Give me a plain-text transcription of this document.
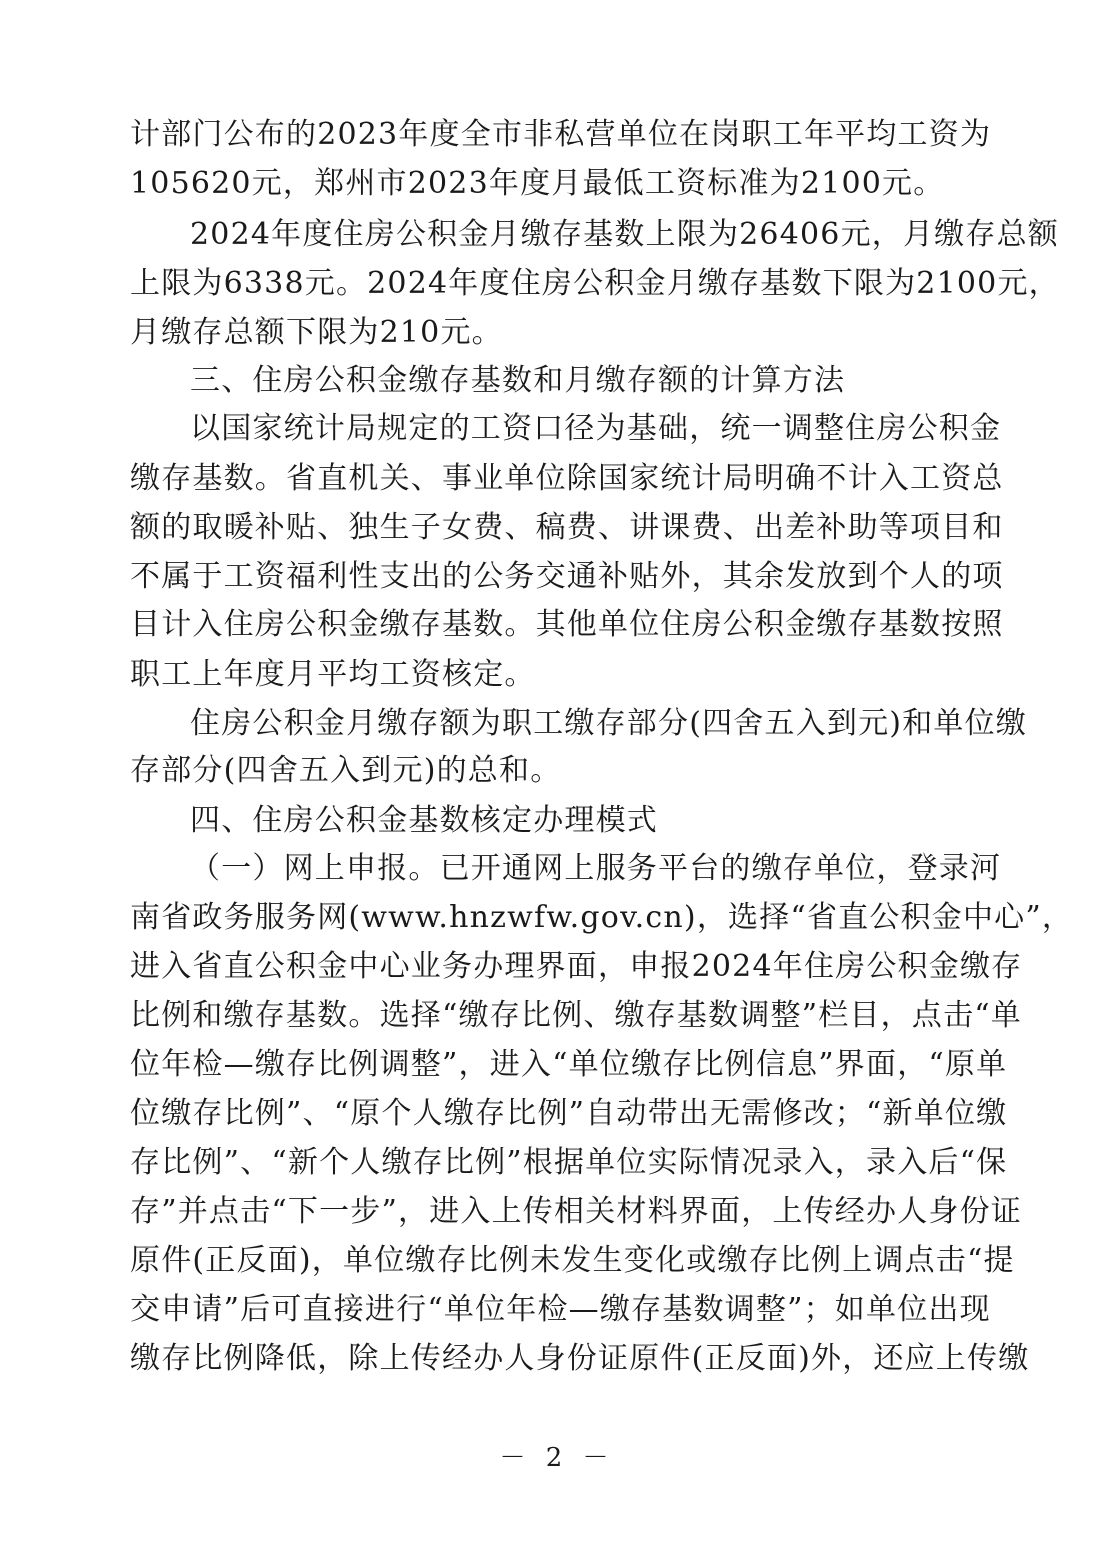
计部门公布的2023年度全市非私营单位在岗职工年平均工资为
105620元，郑州市2023年度月最低工资标准为2100元。
2024年度住房公积金月缴存基数上限为26406元，月缴存总额
上限为6338元。2024年度住房公积金月缴存基数下限为2100元，
月缴存总额下限为210元。
三、住房公积金缴存基数和月缴存额的计算方法
以国家统计局规定的工资口径为基础，统一调整住房公积金
缴存基数。省直机关、事业单位除国家统计局明确不计入工资总
额的取暖补贴、独生子女费、稿费、讲课费、出差补助等项目和
不属于工资福利性支出的公务交通补贴外，其余发放到个人的项
目计入住房公积金缴存基数。其他单位住房公积金缴存基数按照
职工上年度月平均工资核定。
住房公积金月缴存额为职工缴存部分(四舍五入到元)和单位缴
存部分(四舍五入到元)的总和。
四、住房公积金基数核定办理模式
（一）网上申报。已开通网上服务平台的缴存单位，登录河
南省政务服务网(www.hnzwfw.gov.cn)，选择“省直公积金中心”，
进入省直公积金中心业务办理界面，申报2024年住房公积金缴存
比例和缴存基数。选择“缴存比例、缴存基数调整”栏目，点击“单
位年检—缴存比例调整”，进入“单位缴存比例信息”界面，“原单
位缴存比例”、“原个人缴存比例”自动带出无需修改；“新单位缴
存比例”、“新个人缴存比例”根据单位实际情况录入，录入后“保
存”并点击“下一步”，进入上传相关材料界面，上传经办人身份证
原件(正反面)，单位缴存比例未发生变化或缴存比例上调点击“提
交申请”后可直接进行“单位年检—缴存基数调整”；如单位出现
缴存比例降低，除上传经办人身份证原件(正反面)外，还应上传缴
－ 2 －
